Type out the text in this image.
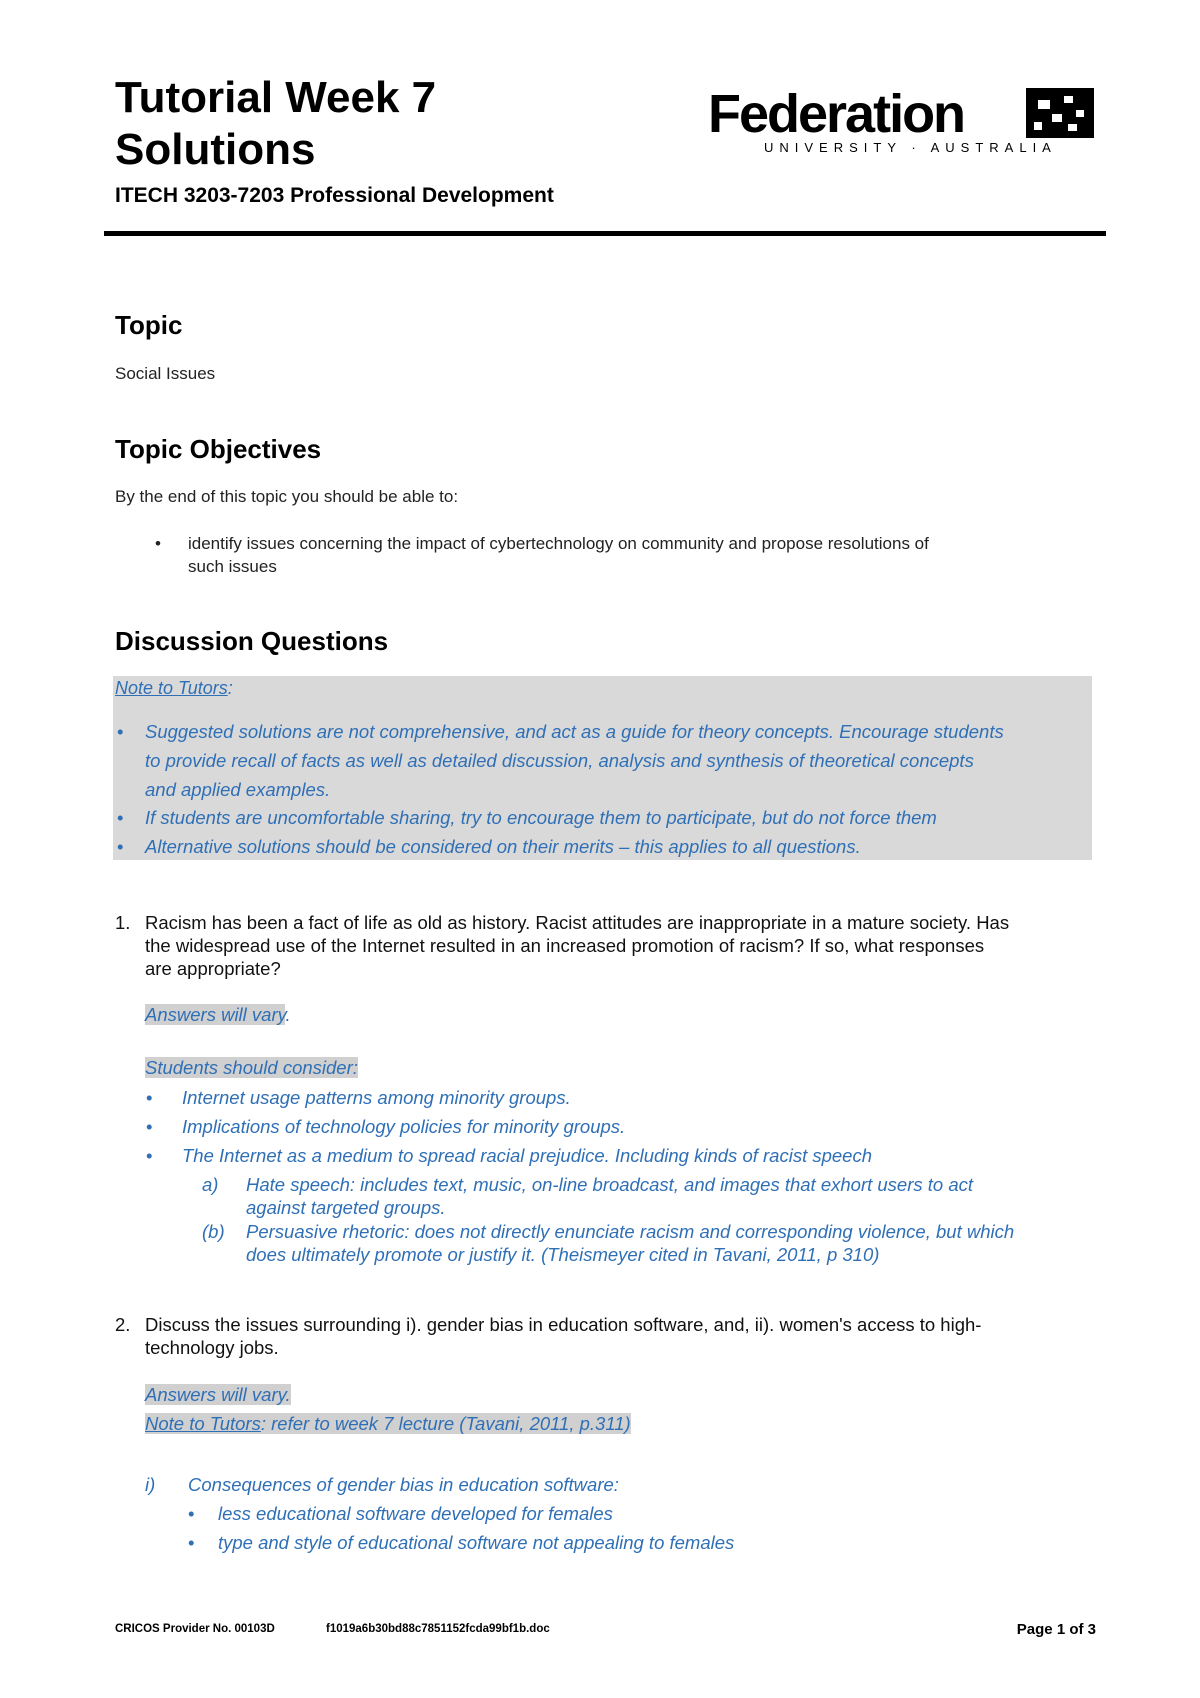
Tutorial Week 7
Solutions

ITECH 3203-7203 Professional Development

Federation
UNIVERSITY · AUSTRALIA
Topic

Social Issues

Topic Objectives

By the end of this topic you should be able to:

• identify issues concerning the impact of cybertechnology on community and propose resolutions of
such issues
Discussion Questions
Note to Tutors:
• Suggested solutions are not comprehensive, and act as a guide for theory concepts. Encourage students
to provide recall of facts as well as detailed discussion, analysis and synthesis of theoretical concepts
and applied examples.
• If students are uncomfortable sharing, try to encourage them to participate, but do not force them
• Alternative solutions should be considered on their merits – this applies to all questions.
1. Racism has been a fact of life as old as history. Racist attitudes are inappropriate in a mature society. Has
the widespread use of the Internet resulted in an increased promotion of racism? If so, what responses
are appropriate?
Answers will vary.
Students should consider:
• Internet usage patterns among minority groups.
• Implications of technology policies for minority groups.
• The Internet as a medium to spread racial prejudice. Including kinds of racist speech
a) Hate speech: includes text, music, on-line broadcast, and images that exhort users to act
against targeted groups.
(b) Persuasive rhetoric: does not directly enunciate racism and corresponding violence, but which
does ultimately promote or justify it. (Theismeyer cited in Tavani, 2011, p 310)
2. Discuss the issues surrounding i). gender bias in education software, and, ii). women's access to high-
technology jobs.
Answers will vary.
Note to Tutors: refer to week 7 lecture (Tavani, 2011, p.311)
i) Consequences of gender bias in education software:
• less educational software developed for females
• type and style of educational software not appealing to females
CRICOS Provider No. 00103D	f1019a6b30bd88c7851152fcda99bf1b.doc	Page 1 of 3
